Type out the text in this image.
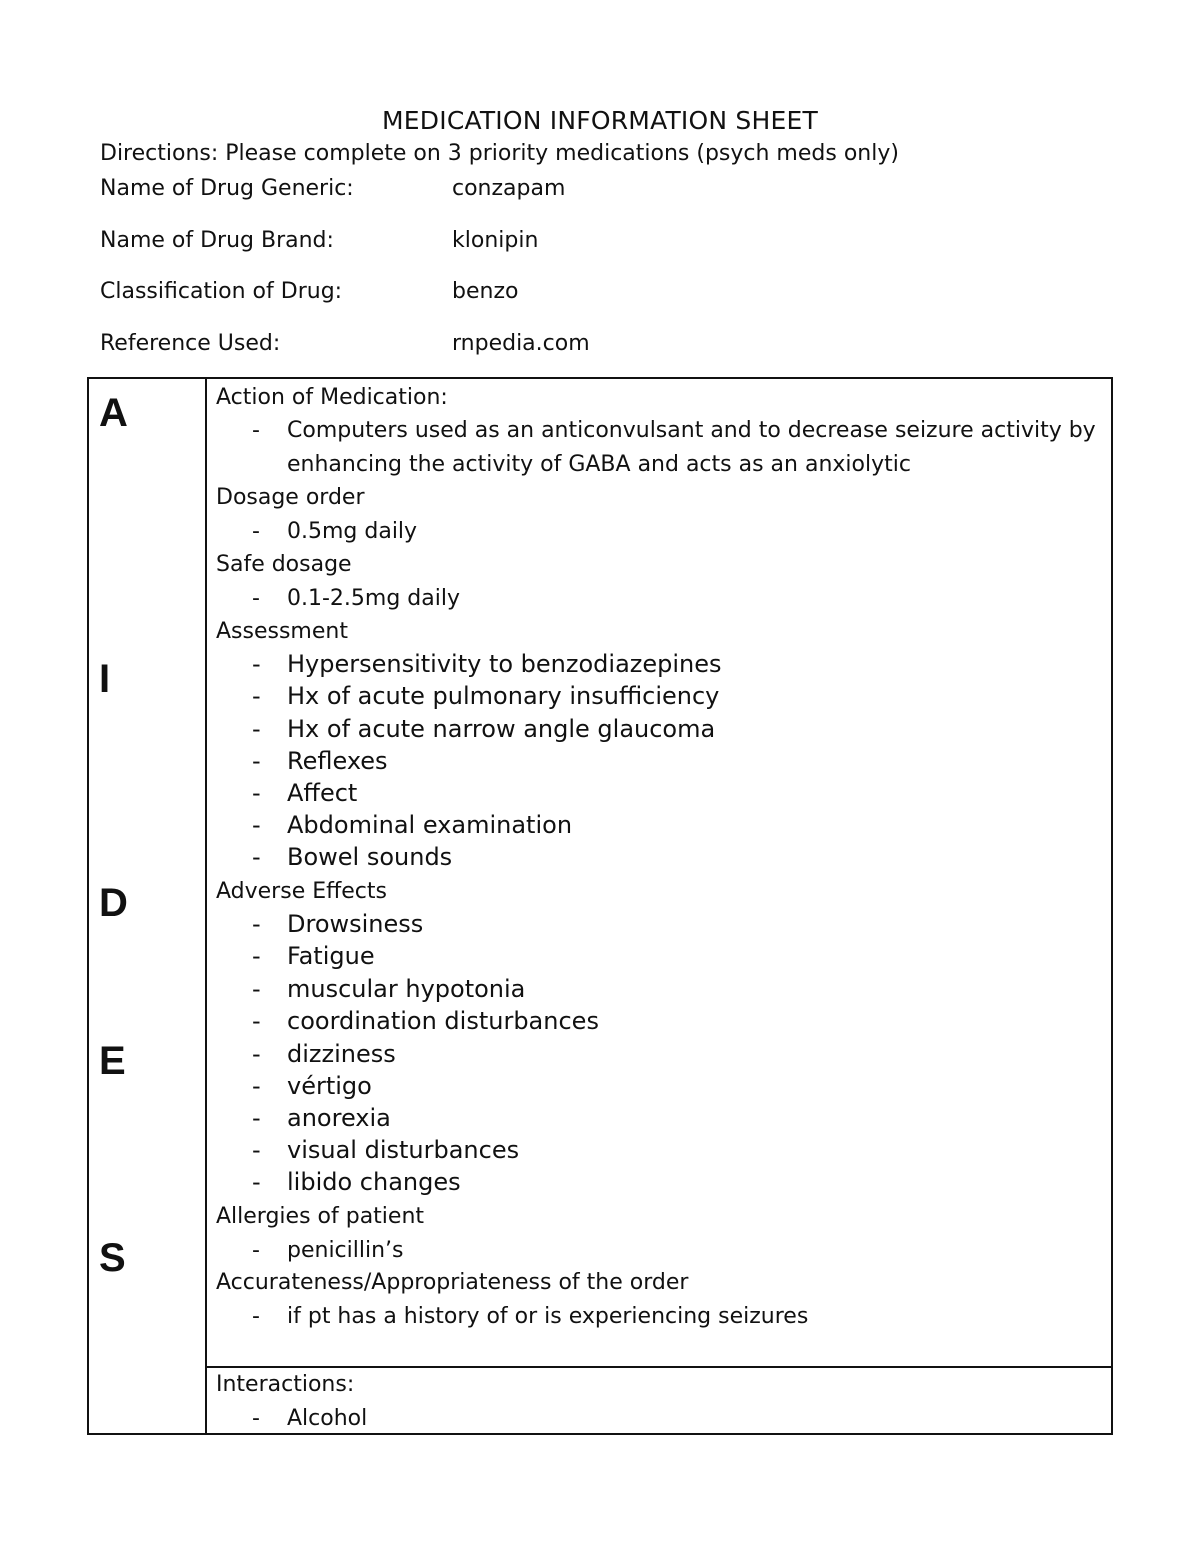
MEDICATION INFORMATION SHEET
Directions: Please complete on 3 priority medications (psych meds only)
Name of Drug Generic:	conzapam
Name of Drug Brand:	klonipin
Classification of Drug:	benzo
Reference Used:	rnpedia.com
A
I
D
E
S
Action of Medication:
- Computers used as an anticonvulsant and to decrease seizure activity by
enhancing the activity of GABA and acts as an anxiolytic
Dosage order
- 0.5mg daily
Safe dosage
- 0.1-2.5mg daily
Assessment
- Hypersensitivity to benzodiazepines
- Hx of acute pulmonary insufficiency
- Hx of acute narrow angle glaucoma
- Reflexes
- Affect
- Abdominal examination
- Bowel sounds
Adverse Effects
- Drowsiness
- Fatigue
- muscular hypotonia
- coordination disturbances
- dizziness
- vértigo
- anorexia
- visual disturbances
- libido changes
Allergies of patient
- penicillin’s
Accurateness/Appropriateness of the order
- if pt has a history of or is experiencing seizures
Interactions:
- Alcohol
